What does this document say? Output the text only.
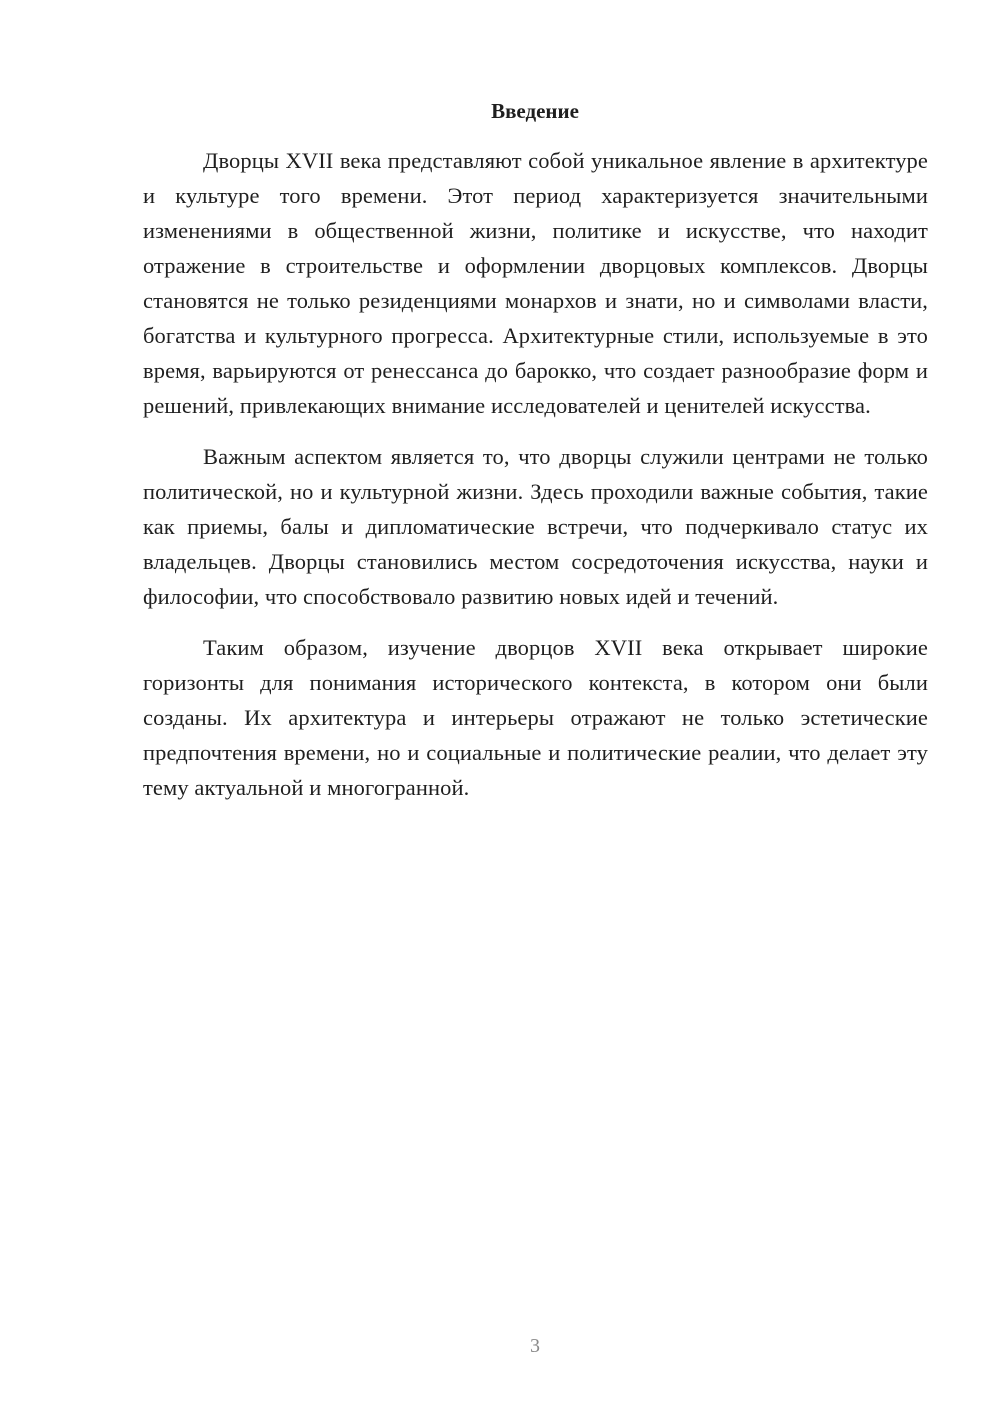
Введение

Дворцы XVII века представляют собой уникальное явление в архитектуре и культуре того времени. Этот период характеризуется значительными изменениями в общественной жизни, политике и искусстве, что находит отражение в строительстве и оформлении дворцовых комплексов. Дворцы становятся не только резиденциями монархов и знати, но и символами власти, богатства и культурного прогресса. Архитектурные стили, используемые в это время, варьируются от ренессанса до барокко, что создает разнообразие форм и решений, привлекающих внимание исследователей и ценителей искусства.

Важным аспектом является то, что дворцы служили центрами не только политической, но и культурной жизни. Здесь проходили важные события, такие как приемы, балы и дипломатические встречи, что подчеркивало статус их владельцев. Дворцы становились местом сосредоточения искусства, науки и философии, что способствовало развитию новых идей и течений.

Таким образом, изучение дворцов XVII века открывает широкие горизонты для понимания исторического контекста, в котором они были созданы. Их архитектура и интерьеры отражают не только эстетические предпочтения времени, но и социальные и политические реалии, что делает эту тему актуальной и многогранной.

3
